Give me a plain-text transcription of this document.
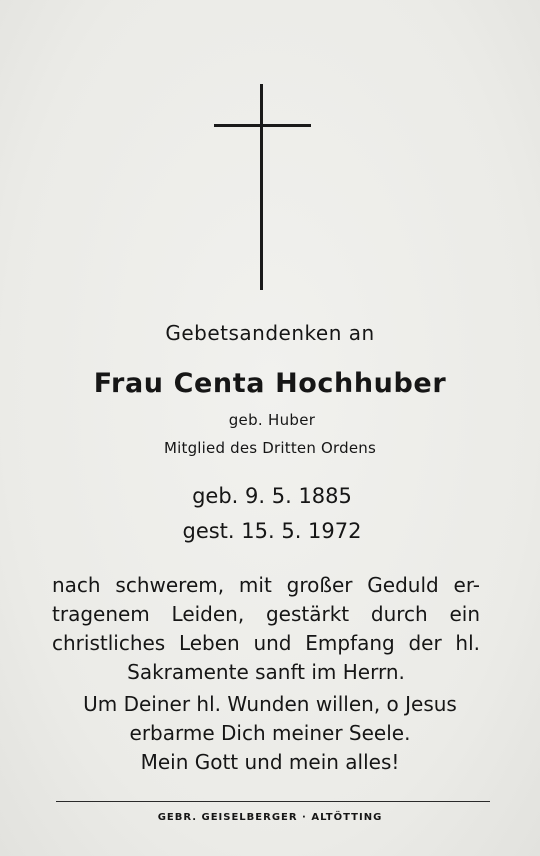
Gebetsandenken an
Frau Centa Hochhuber
geb. Huber
Mitglied des Dritten Ordens
geb. 9. 5. 1885
gest. 15. 5. 1972
nach schwerem, mit großer Geduld er-
tragenem Leiden, gestärkt durch ein
christliches Leben und Empfang der hl.
Sakramente sanft im Herrn.
Um Deiner hl. Wunden willen, o Jesus
erbarme Dich meiner Seele.
Mein Gott und mein alles!
GEBR. GEISELBERGER · ALTÖTTING
